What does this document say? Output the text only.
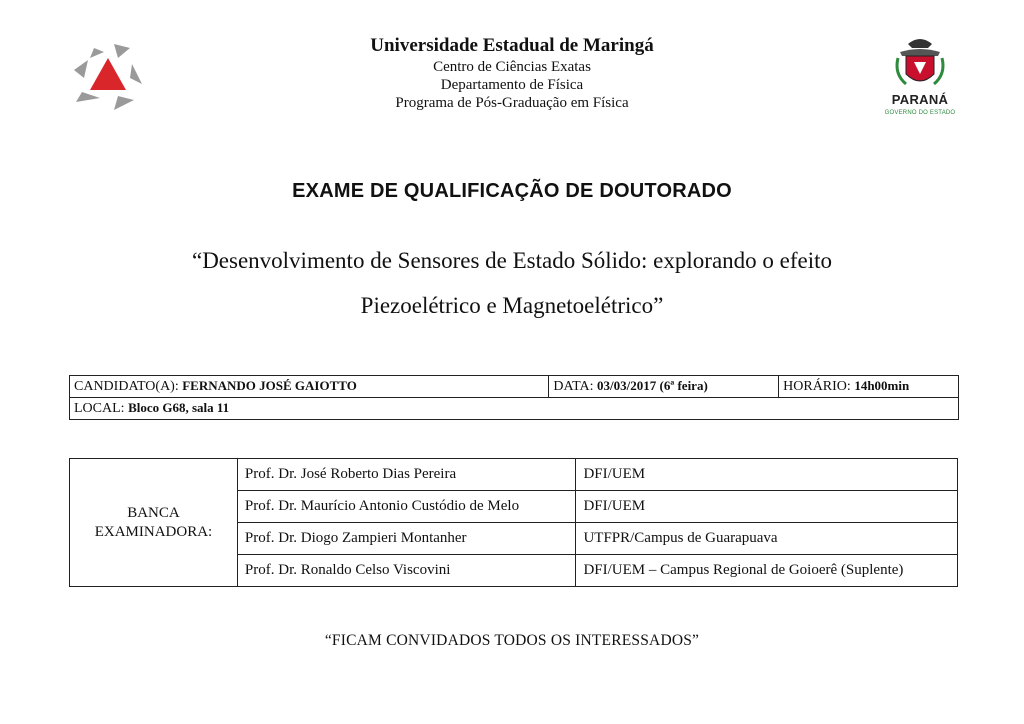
PARANÁ
GOVERNO DO ESTADO
Universidade Estadual de Maringá
Centro de Ciências Exatas
Departamento de Física
Programa de Pós-Graduação em Física
EXAME DE QUALIFICAÇÃO DE DOUTORADO
“Desenvolvimento de Sensores de Estado Sólido: explorando o efeito
Piezoelétrico e Magnetoelétrico”
CANDIDATO(A): FERNANDO JOSÉ GAIOTTO	DATA: 03/03/2017 (6ª feira)	HORÁRIO: 14h00min
LOCAL: Bloco G68, sala 11
BANCA
EXAMINADORA:	Prof. Dr. José Roberto Dias Pereira	DFI/UEM
	Prof. Dr. Maurício Antonio Custódio de Melo	DFI/UEM
	Prof. Dr. Diogo Zampieri Montanher	UTFPR/Campus de Guarapuava
	Prof. Dr. Ronaldo Celso Viscovini	DFI/UEM – Campus Regional de Goioerê (Suplente)
“FICAM CONVIDADOS TODOS OS INTERESSADOS”
